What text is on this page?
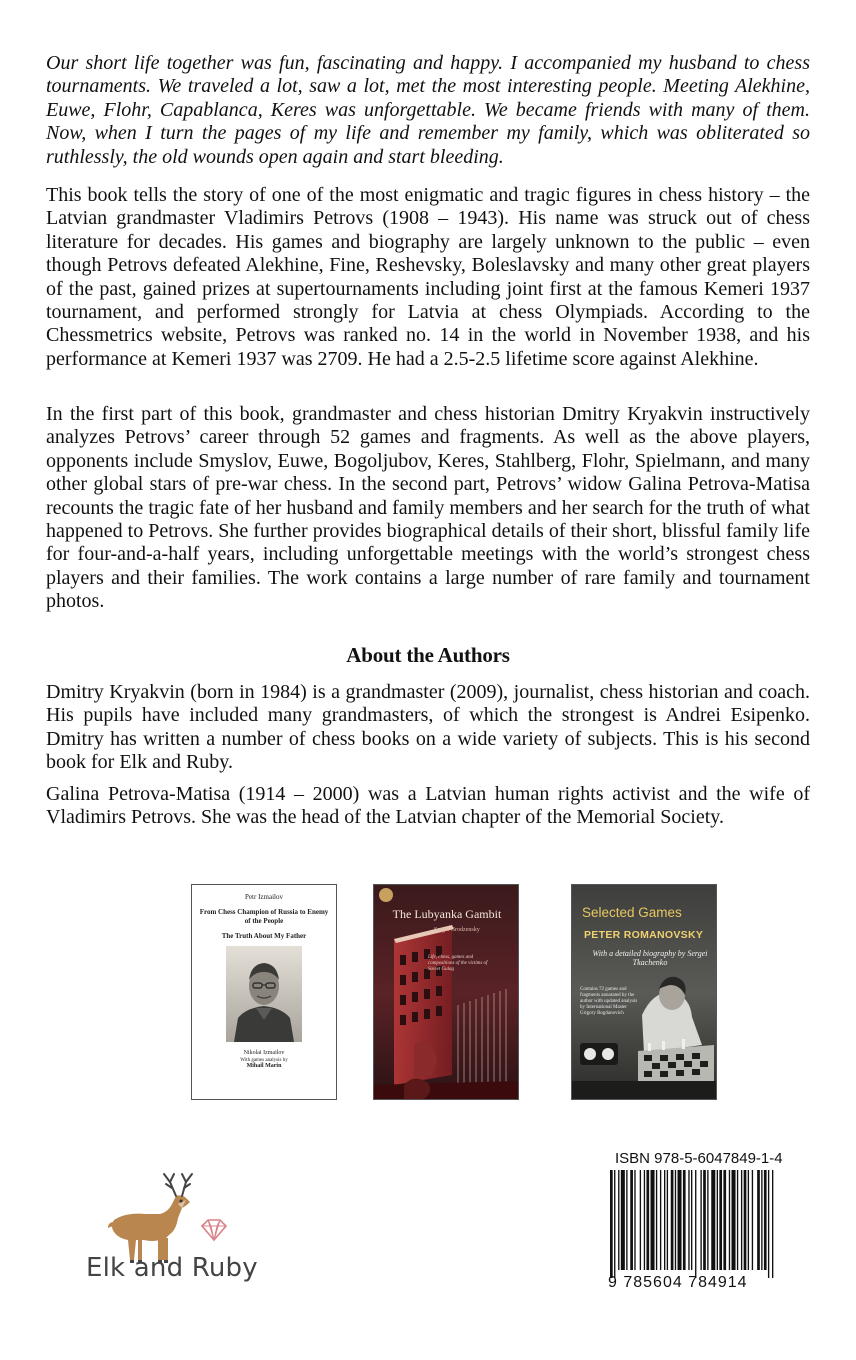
Our short life together was fun, fascinating and happy. I accompanied my husband to chess tournaments. We traveled a lot, saw a lot, met the most interesting people. Meeting Alekhine, Euwe, Flohr, Capablanca, Keres was unforgettable. We became friends with many of them. Now, when I turn the pages of my life and remember my family, which was obliterated so ruthlessly, the old wounds open again and start bleeding.

This book tells the story of one of the most enigmatic and tragic figures in chess history – the Latvian grandmaster Vladimirs Petrovs (1908 – 1943). His name was struck out of chess literature for decades. His games and biography are largely unknown to the public – even though Petrovs defeated Alekhine, Fine, Reshevsky, Boleslavsky and many other great players of the past, gained prizes at supertournaments including joint first at the famous Kemeri 1937 tournament, and performed strongly for Latvia at chess Olympiads. According to the Chessmetrics website, Petrovs was ranked no. 14 in the world in November 1938, and his performance at Kemeri 1937 was 2709. He had a 2.5-2.5 lifetime score against Alekhine.

In the first part of this book, grandmaster and chess historian Dmitry Kryakvin instructively analyzes Petrovs’ career through 52 games and fragments. As well as the above players, opponents include Smyslov, Euwe, Bogoljubov, Keres, Stahlberg, Flohr, Spielmann, and many other global stars of pre-war chess. In the second part, Petrovs’ widow Galina Petrova-Matisa recounts the tragic fate of her husband and family members and her search for the truth of what happened to Petrovs. She further provides biographical details of their short, blissful family life for four-and-a-half years, including unforgettable meetings with the world’s strongest chess players and their families. The work contains a large number of rare family and tournament photos.

About the Authors

Dmitry Kryakvin (born in 1984) is a grandmaster (2009), journalist, chess historian and coach. His pupils have included many grandmasters, of which the strongest is Andrei Esipenko. Dmitry has written a number of chess books on a wide variety of subjects. This is his second book for Elk and Ruby.

Galina Petrova-Matisa (1914 – 2000) was a Latvian human rights activist and the wife of Vladimirs Petrovs. She was the head of the Latvian chapter of the Memorial Society.

Petr Izmailov
From Chess Champion of Russia to Enemy of the People
The Truth About My Father
Nikolai Izmailov
With games analysis by
Mihail Marin
The Lubyanka Gambit
Sergei Grodzensky
Life, chess, games and compositions of the victims of Soviet Gulag
Selected Games
PETER ROMANOVSKY
With a detailed biography by Sergei Tkachenko
Contains 72 games and fragments annotated by the author with updated analysis by International Master Grigory Bogdanovich
Elk and Ruby
ISBN 978-5-6047849-1-4
9 785604 784914
